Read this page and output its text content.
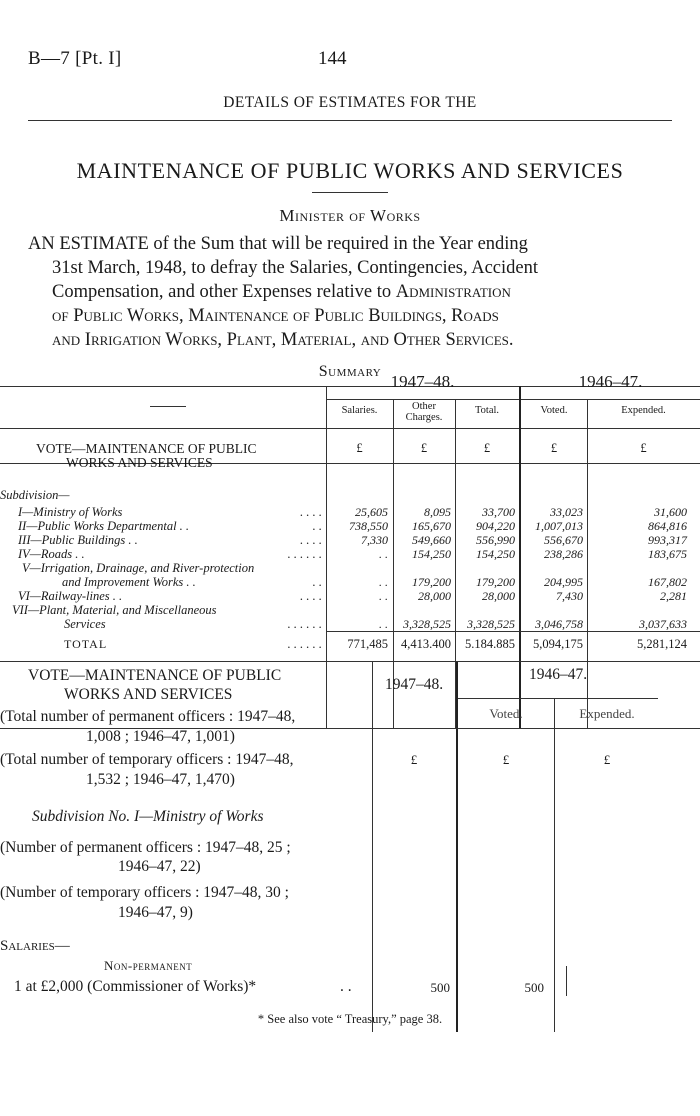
B—7 [Pt. I]	144
DETAILS OF ESTIMATES FOR THE
MAINTENANCE OF PUBLIC WORKS AND SERVICES
Minister of Works
AN ESTIMATE of the Sum that will be required in the Year ending
31st March, 1948, to defray the Salaries, Contingencies, Accident
Compensation, and other Expenses relative to Administration
of Public Works, Maintenance of Public Buildings, Roads
and Irrigation Works, Plant, Material, and Other Services.
Summary
1947–48.	1946–47.
Salaries.	Other
Charges.
Total.	Voted.	Expended.
VOTE—MAINTENANCE OF PUBLIC
WORKS AND SERVICES
£	£	£	£	£
Subdivision—
I—Ministry of Works	. . . .	25,605	8,095	33,700	33,023	31,600
II—Public Works Departmental . .	. .	738,550	165,670	904,220	1,007,013	864,816
III—Public Buildings . .	. . . .	7,330	549,660	556,990	556,670	993,317
IV—Roads . .	. . . . . .	. .	154,250	154,250	238,286	183,675
V—Irrigation, Drainage, and River-protection
and Improvement Works . .	. .	. .	179,200	179,200	204,995	167,802
VI—Railway-lines . .	. . . .	. .	28,000	28,000	7,430	2,281
VII—Plant, Material, and Miscellaneous
Services	. . . . . .	. .	3,328,525	3,328,525	3,046,758	3,037,633
TOTAL	. . . . . .	771,485	4,413.400	5.184.885	5,094,175	5,281,124
1947–48.
1946–47.
Voted.	Expended.
VOTE—MAINTENANCE OF PUBLIC
WORKS AND SERVICES
(Total number of permanent officers : 1947–48,
1,008 ; 1946–47, 1,001)
(Total number of temporary officers : 1947–48,
1,532 ; 1946–47, 1,470)
£	£	£
Subdivision No. I—Ministry of Works
(Number of permanent officers : 1947–48, 25 ;
1946–47, 22)
(Number of temporary officers : 1947–48, 30 ;
1946–47, 9)
Salaries—
Non-permanent
1 at £2,000 (Commissioner of Works)*	. .	500	500
* See also vote “ Treasury,” page 38.
